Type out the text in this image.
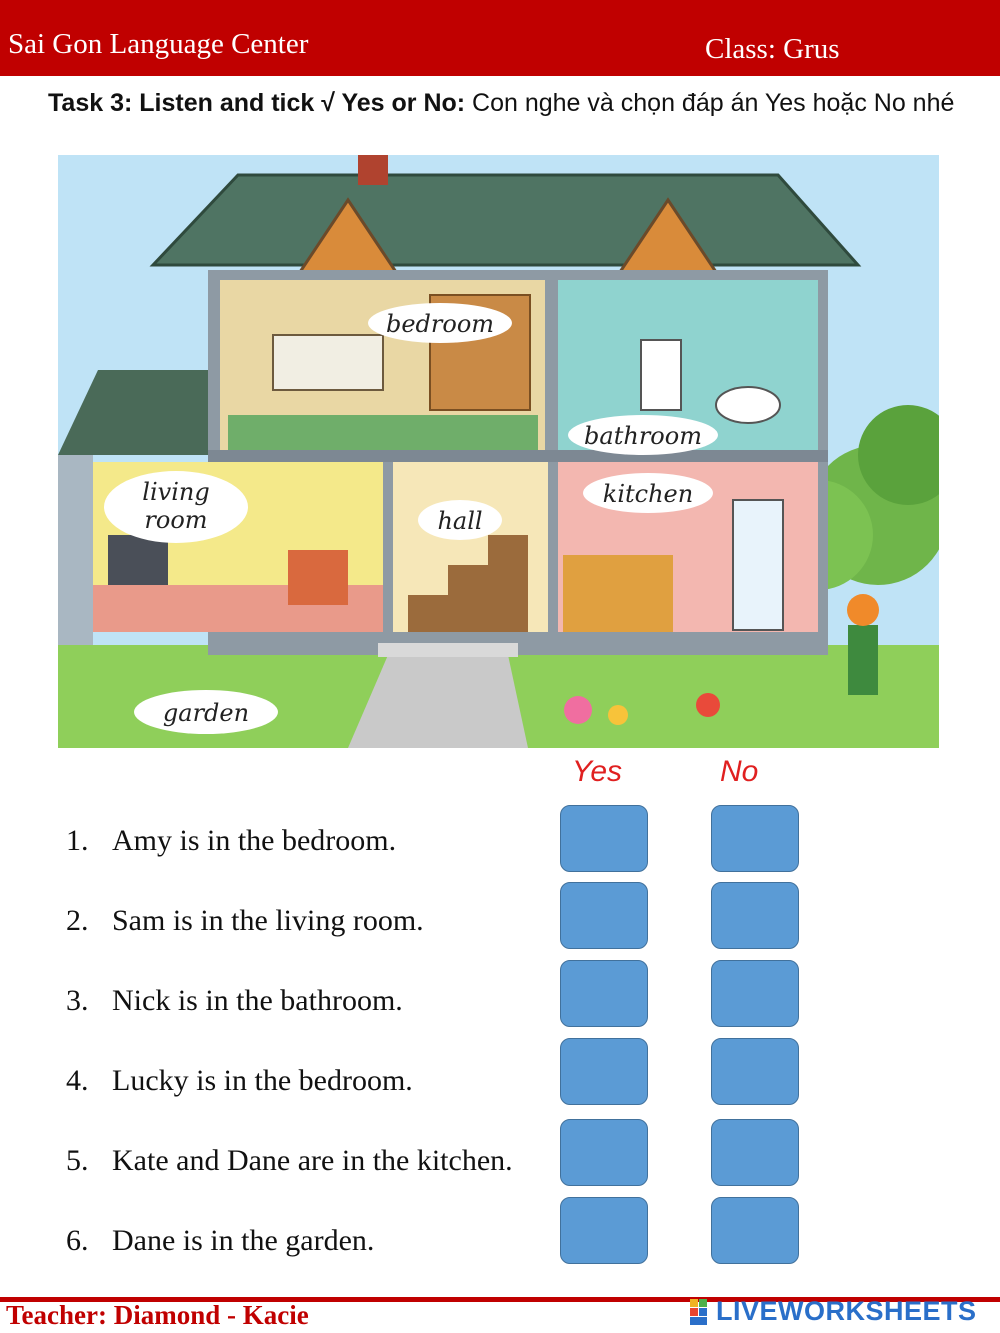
Sai Gon Language Center	Class: Grus
Task 3: Listen and tick √ Yes or No: Con nghe và chọn đáp án Yes hoặc No nhé
bedroom
bathroom
living
room	hall
kitchen
garden
Yes	No
1. Amy is in the bedroom.
2. Sam is in the living room.
3. Nick is in the bathroom.
4. Lucky is in the bedroom.
5. Kate and Dane are in the kitchen.
6. Dane is in the garden.
Teacher: Diamond - Kacie	LIVEWORKSHEETS
